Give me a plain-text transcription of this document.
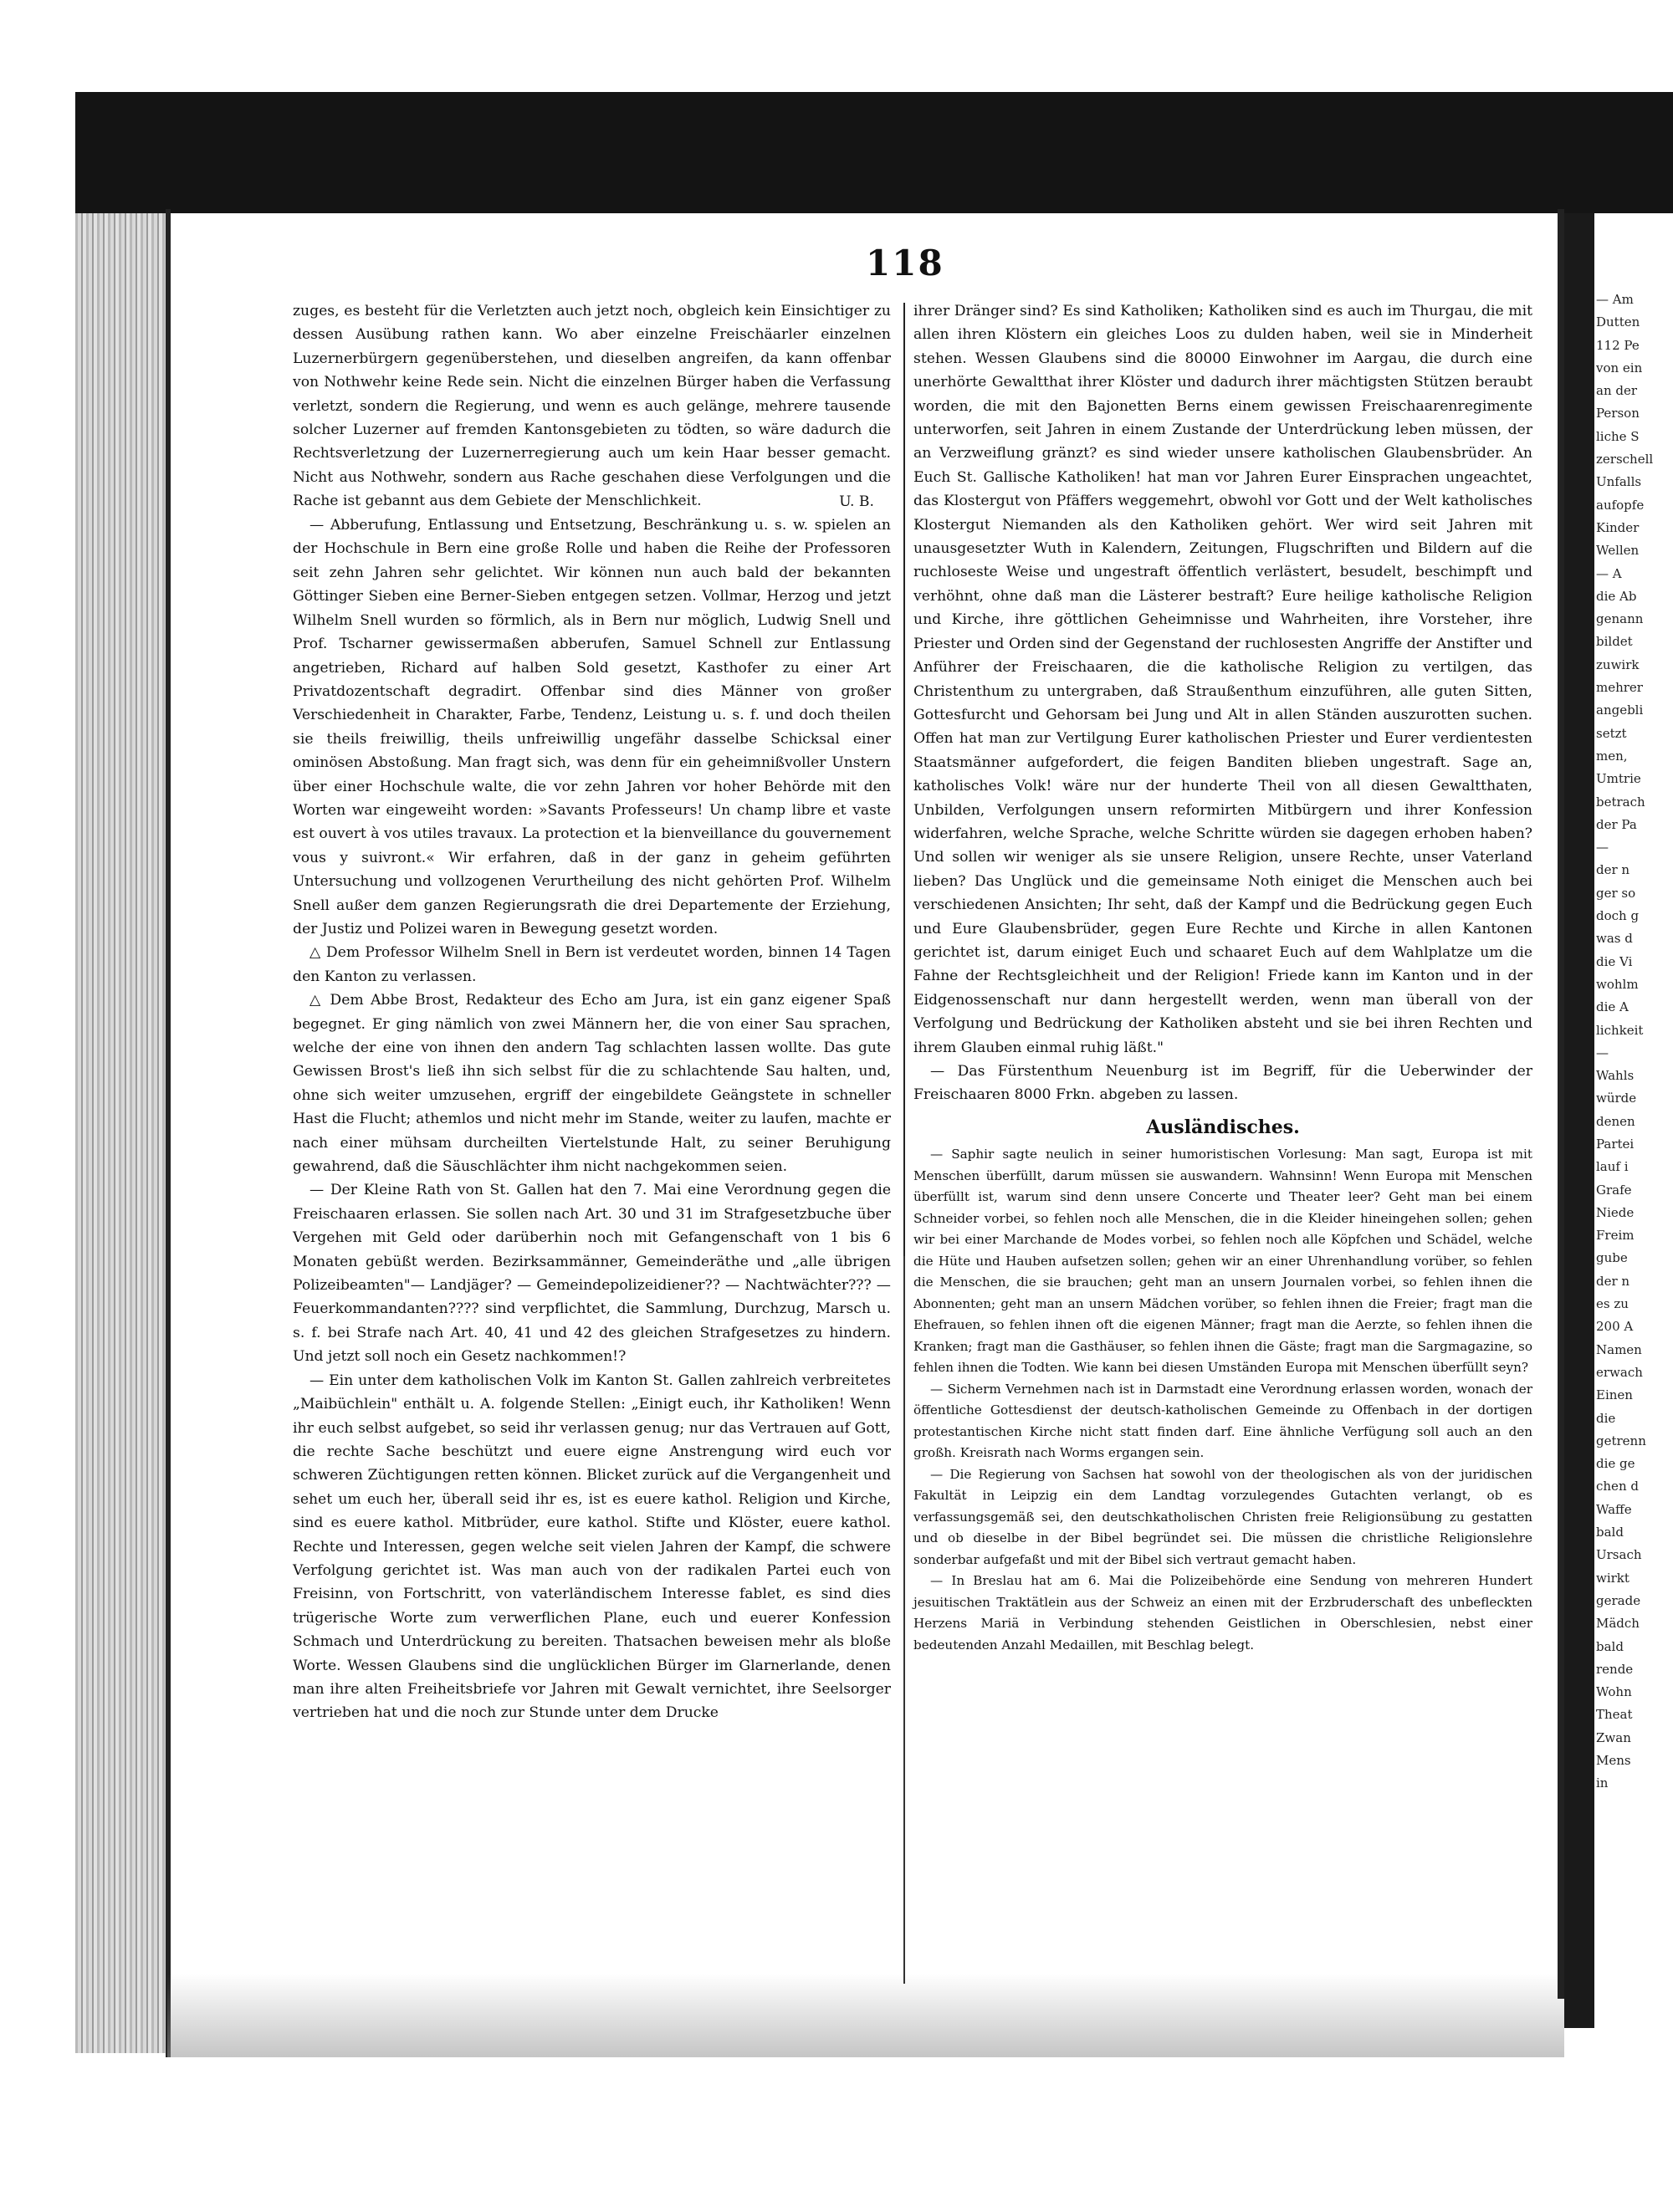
118

zuges, es besteht für die Verletzten auch jetzt noch, obgleich kein Einsichtiger zu dessen Ausübung rathen kann. Wo aber einzelne Freischäarler einzelnen Luzernerbürgern gegenüberstehen, und dieselben angreifen, da kann offenbar von Nothwehr keine Rede sein. Nicht die einzelnen Bürger haben die Verfassung verletzt, sondern die Regierung, und wenn es auch gelänge, mehrere tausende solcher Luzerner auf fremden Kantonsgebieten zu tödten, so wäre dadurch die Rechtsverletzung der Luzernerregierung auch um kein Haar besser gemacht. Nicht aus Nothwehr, sondern aus Rache geschahen diese Verfolgungen und die Rache ist gebannt aus dem Gebiete der Menschlichkeit.	U. B.

— Abberufung, Entlassung und Entsetzung, Beschränkung u. s. w. spielen an der Hochschule in Bern eine große Rolle und haben die Reihe der Professoren seit zehn Jahren sehr gelichtet. Wir können nun auch bald der bekannten Göttinger Sieben eine Berner-Sieben entgegen setzen. Vollmar, Herzog und jetzt Wilhelm Snell wurden so förmlich, als in Bern nur möglich, Ludwig Snell und Prof. Tscharner gewissermaßen abberufen, Samuel Schnell zur Entlassung angetrieben, Richard auf halben Sold gesetzt, Kasthofer zu einer Art Privatdozentschaft degradirt. Offenbar sind dies Männer von großer Verschiedenheit in Charakter, Farbe, Tendenz, Leistung u. s. f. und doch theilen sie theils freiwillig, theils unfreiwillig ungefähr dasselbe Schicksal einer ominösen Abstoßung. Man fragt sich, was denn für ein geheimnißvoller Unstern über einer Hochschule walte, die vor zehn Jahren vor hoher Behörde mit den Worten war eingeweiht worden: »Savants Professeurs! Un champ libre et vaste est ouvert à vos utiles travaux. La protection et la bienveillance du gouvernement vous y suivront.« Wir erfahren, daß in der ganz in geheim geführten Untersuchung und vollzogenen Verurtheilung des nicht gehörten Prof. Wilhelm Snell außer dem ganzen Regierungsrath die drei Departemente der Erziehung, der Justiz und Polizei waren in Bewegung gesetzt worden.

△ Dem Professor Wilhelm Snell in Bern ist verdeutet worden, binnen 14 Tagen den Kanton zu verlassen.

△ Dem Abbe Brost, Redakteur des Echo am Jura, ist ein ganz eigener Spaß begegnet. Er ging nämlich von zwei Männern her, die von einer Sau sprachen, welche der eine von ihnen den andern Tag schlachten lassen wollte. Das gute Gewissen Brost's ließ ihn sich selbst für die zu schlachtende Sau halten, und, ohne sich weiter umzusehen, ergriff der eingebildete Geängstete in schneller Hast die Flucht; athemlos und nicht mehr im Stande, weiter zu laufen, machte er nach einer mühsam durcheilten Viertelstunde Halt, zu seiner Beruhigung gewahrend, daß die Säuschlächter ihm nicht nachgekommen seien.

— Der Kleine Rath von St. Gallen hat den 7. Mai eine Verordnung gegen die Freischaaren erlassen. Sie sollen nach Art. 30 und 31 im Strafgesetzbuche über Vergehen mit Geld oder darüberhin noch mit Gefangenschaft von 1 bis 6 Monaten gebüßt werden. Bezirksammänner, Gemeinderäthe und „alle übrigen Polizeibeamten"— Landjäger? — Gemeindepolizeidiener?? — Nachtwächter??? — Feuerkommandanten???? sind verpflichtet, die Sammlung, Durchzug, Marsch u. s. f. bei Strafe nach Art. 40, 41 und 42 des gleichen Strafgesetzes zu hindern. Und jetzt soll noch ein Gesetz nachkommen!?

— Ein unter dem katholischen Volk im Kanton St. Gallen zahlreich verbreitetes „Maibüchlein" enthält u. A. folgende Stellen: „Einigt euch, ihr Katholiken! Wenn ihr euch selbst aufgebet, so seid ihr verlassen genug; nur das Vertrauen auf Gott, die rechte Sache beschützt und euere eigne Anstrengung wird euch vor schweren Züchtigungen retten können. Blicket zurück auf die Vergangenheit und sehet um euch her, überall seid ihr es, ist es euere kathol. Religion und Kirche, sind es euere kathol. Mitbrüder, eure kathol. Stifte und Klöster, euere kathol. Rechte und Interessen, gegen welche seit vielen Jahren der Kampf, die schwere Verfolgung gerichtet ist. Was man auch von der radikalen Partei euch von Freisinn, von Fortschritt, von vaterländischem Interesse fablet, es sind dies trügerische Worte zum verwerflichen Plane, euch und euerer Konfession Schmach und Unterdrückung zu bereiten. Thatsachen beweisen mehr als bloße Worte. Wessen Glaubens sind die unglücklichen Bürger im Glarnerlande, denen man ihre alten Freiheitsbriefe vor Jahren mit Gewalt vernichtet, ihre Seelsorger vertrieben hat und die noch zur Stunde unter dem Drucke

ihrer Dränger sind? Es sind Katholiken; Katholiken sind es auch im Thurgau, die mit allen ihren Klöstern ein gleiches Loos zu dulden haben, weil sie in Minderheit stehen. Wessen Glaubens sind die 80000 Einwohner im Aargau, die durch eine unerhörte Gewaltthat ihrer Klöster und dadurch ihrer mächtigsten Stützen beraubt worden, die mit den Bajonetten Berns einem gewissen Freischaarenregimente unterworfen, seit Jahren in einem Zustande der Unterdrückung leben müssen, der an Verzweiflung gränzt? es sind wieder unsere katholischen Glaubensbrüder. An Euch St. Gallische Katholiken! hat man vor Jahren Eurer Einsprachen ungeachtet, das Klostergut von Pfäffers weggemehrt, obwohl vor Gott und der Welt katholisches Klostergut Niemanden als den Katholiken gehört. Wer wird seit Jahren mit unausgesetzter Wuth in Kalendern, Zeitungen, Flugschriften und Bildern auf die ruchloseste Weise und ungestraft öffentlich verlästert, besudelt, beschimpft und verhöhnt, ohne daß man die Lästerer bestraft? Eure heilige katholische Religion und Kirche, ihre göttlichen Geheimnisse und Wahrheiten, ihre Vorsteher, ihre Priester und Orden sind der Gegenstand der ruchlosesten Angriffe der Anstifter und Anführer der Freischaaren, die die katholische Religion zu vertilgen, das Christenthum zu untergraben, daß Straußenthum einzuführen, alle guten Sitten, Gottesfurcht und Gehorsam bei Jung und Alt in allen Ständen auszurotten suchen. Offen hat man zur Vertilgung Eurer katholischen Priester und Eurer verdientesten Staatsmänner aufgefordert, die feigen Banditen blieben ungestraft. Sage an, katholisches Volk! wäre nur der hunderte Theil von all diesen Gewaltthaten, Unbilden, Verfolgungen unsern reformirten Mitbürgern und ihrer Konfession widerfahren, welche Sprache, welche Schritte würden sie dagegen erhoben haben? Und sollen wir weniger als sie unsere Religion, unsere Rechte, unser Vaterland lieben? Das Unglück und die gemeinsame Noth einiget die Menschen auch bei verschiedenen Ansichten; Ihr seht, daß der Kampf und die Bedrückung gegen Euch und Eure Glaubensbrüder, gegen Eure Rechte und Kirche in allen Kantonen gerichtet ist, darum einiget Euch und schaaret Euch auf dem Wahlplatze um die Fahne der Rechtsgleichheit und der Religion! Friede kann im Kanton und in der Eidgenossenschaft nur dann hergestellt werden, wenn man überall von der Verfolgung und Bedrückung der Katholiken absteht und sie bei ihren Rechten und ihrem Glauben einmal ruhig läßt."

— Das Fürstenthum Neuenburg ist im Begriff, für die Ueberwinder der Freischaaren 8000 Frkn. abgeben zu lassen.

Ausländisches.

— Saphir sagte neulich in seiner humoristischen Vorlesung: Man sagt, Europa ist mit Menschen überfüllt, darum müssen sie auswandern. Wahnsinn! Wenn Europa mit Menschen überfüllt ist, warum sind denn unsere Concerte und Theater leer? Geht man bei einem Schneider vorbei, so fehlen noch alle Menschen, die in die Kleider hineingehen sollen; gehen wir bei einer Marchande de Modes vorbei, so fehlen noch alle Köpfchen und Schädel, welche die Hüte und Hauben aufsetzen sollen; gehen wir an einer Uhrenhandlung vorüber, so fehlen die Menschen, die sie brauchen; geht man an unsern Journalen vorbei, so fehlen ihnen die Abonnenten; geht man an unsern Mädchen vorüber, so fehlen ihnen die Freier; fragt man die Ehefrauen, so fehlen ihnen oft die eigenen Männer; fragt man die Aerzte, so fehlen ihnen die Kranken; fragt man die Gasthäuser, so fehlen ihnen die Gäste; fragt man die Sargmagazine, so fehlen ihnen die Todten. Wie kann bei diesen Umständen Europa mit Menschen überfüllt seyn?

— Sicherm Vernehmen nach ist in Darmstadt eine Verordnung erlassen worden, wonach der öffentliche Gottesdienst der deutsch-katholischen Gemeinde zu Offenbach in der dortigen protestantischen Kirche nicht statt finden darf. Eine ähnliche Verfügung soll auch an den großh. Kreisrath nach Worms ergangen sein.

— Die Regierung von Sachsen hat sowohl von der theologischen als von der juridischen Fakultät in Leipzig ein dem Landtag vorzulegendes Gutachten verlangt, ob es verfassungsgemäß sei, den deutschkatholischen Christen freie Religionsübung zu gestatten und ob dieselbe in der Bibel begründet sei. Die müssen die christliche Religionslehre sonderbar aufgefaßt und mit der Bibel sich vertraut gemacht haben.

— In Breslau hat am 6. Mai die Polizeibehörde eine Sendung von mehreren Hundert jesuitischen Traktätlein aus der Schweiz an einen mit der Erzbruderschaft des unbefleckten Herzens Mariä in Verbindung stehenden Geistlichen in Oberschlesien, nebst einer bedeutenden Anzahl Medaillen, mit Beschlag belegt.

— Am
Dutten
112 Pe
von ein
an der
Person
liche S
zerschell
Unfalls
aufopfe
Kinder
Wellen
— A
die Ab
genann
bildet
zuwirk
mehrer
angebli
setzt
men,
Umtrie
betrach
der Pa
—
der n
ger so
doch g
was d
die Vi
wohlm
die A
lichkeit
—
Wahls
würde
denen
Partei
lauf i
Grafe
Niede
Freim
gube
der n
es zu
200 A
Namen
erwach
Einen
die
getrenn
die ge
chen d
Waffe
bald
Ursach
wirkt
gerade
Mädch
bald
rende
Wohn
Theat
Zwan
Mens
in
